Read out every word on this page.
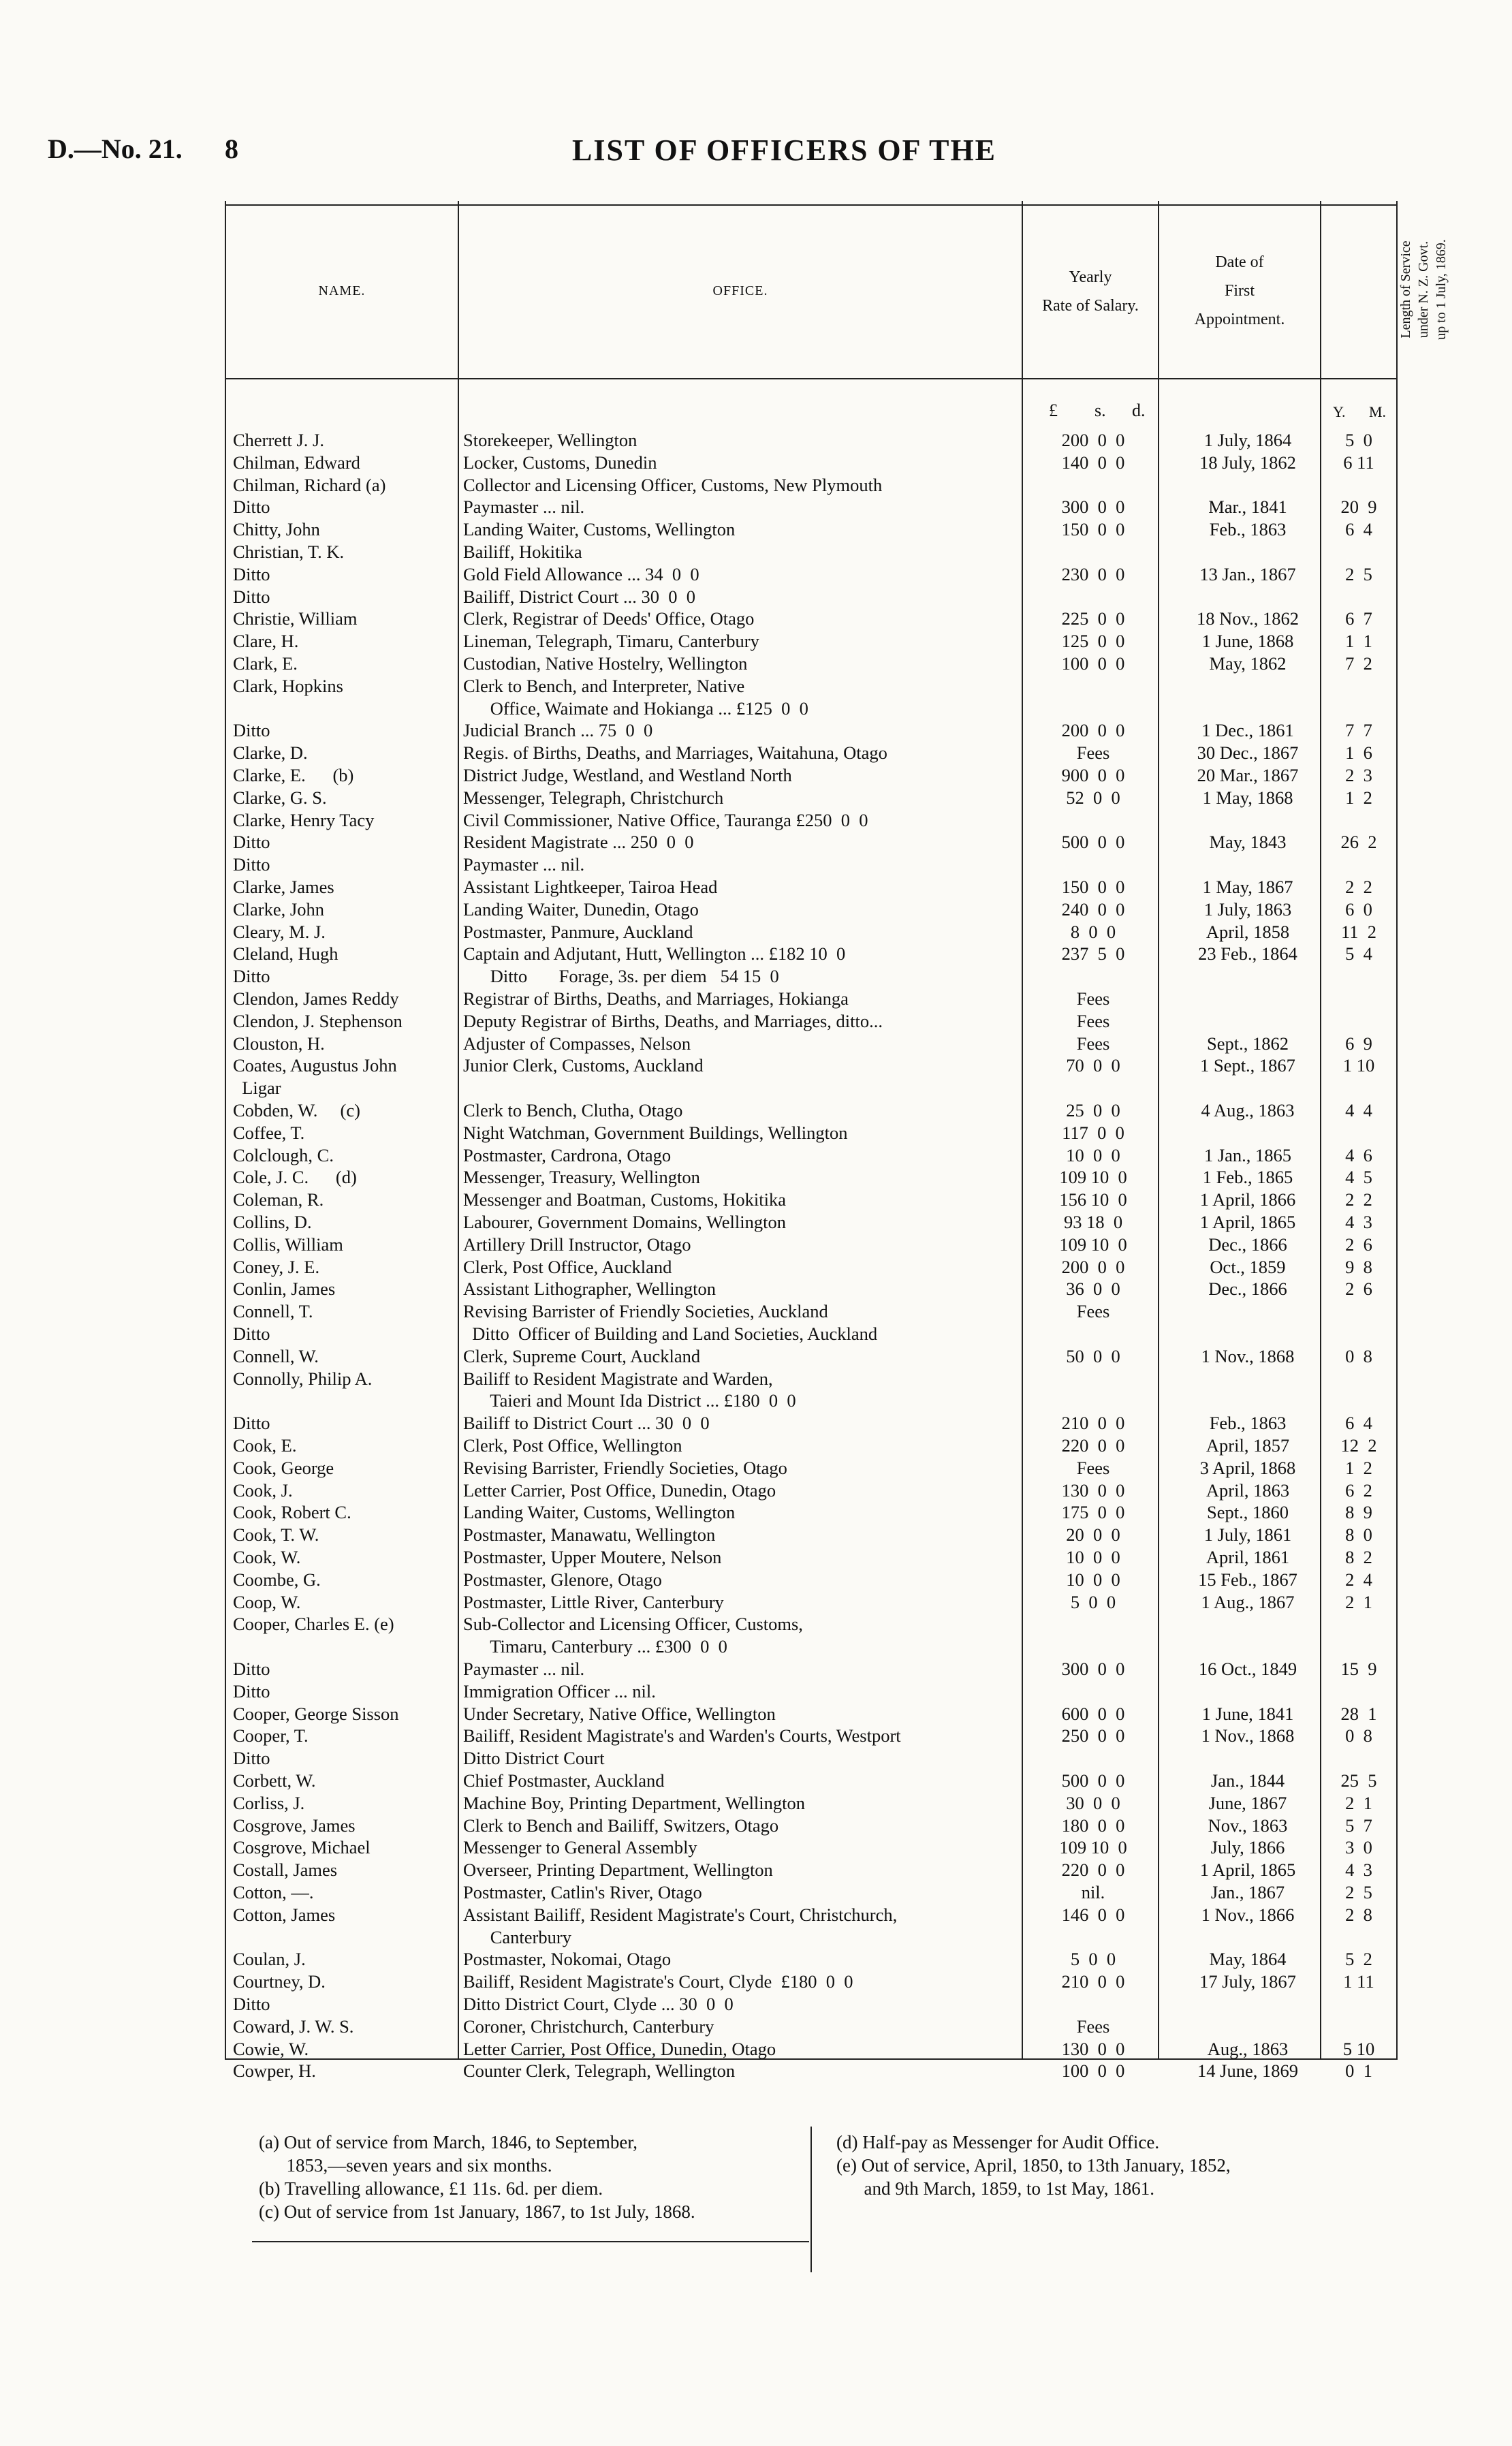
D.—No. 21. 8	LIST OF OFFICERS OF THE
NAME.	OFFICE.
Yearly
Rate of Salary.
Date of
First
Appointment.	Length of Service under N. Z. Govt. up to 1 July, 1869.
£ s. d.	Y. M.
Cherrett J. J.	Storekeeper, Wellington	200  0  0	1 July, 1864	5  0
Chilman, Edward	Locker, Customs, Dunedin	140  0  0	18 July, 1862	6 11
Chilman, Richard (a)	Collector and Licensing Officer, Customs, New Plymouth
Ditto	Paymaster ... nil.	300  0  0	Mar., 1841	20  9
Chitty, John	Landing Waiter, Customs, Wellington	150  0  0	Feb., 1863	6  4
Christian, T. K.	Bailiff, Hokitika
Ditto	Gold Field Allowance ... 34  0  0	230  0  0	13 Jan., 1867	2  5
Ditto	Bailiff, District Court ... 30  0  0
Christie, William	Clerk, Registrar of Deeds' Office, Otago	225  0  0	18 Nov., 1862	6  7
Clare, H.	Lineman, Telegraph, Timaru, Canterbury	125  0  0	1 June, 1868	1  1
Clark, E.	Custodian, Native Hostelry, Wellington	100  0  0	May, 1862	7  2
Clark, Hopkins	Clerk to Bench, and Interpreter, Native
Office, Waimate and Hokianga ... £125  0  0
Ditto	Judicial Branch ... 75  0  0	200  0  0	1 Dec., 1861	7  7
Clarke, D.	Regis. of Births, Deaths, and Marriages, Waitahuna, Otago	Fees	30 Dec., 1867	1  6
Clarke, E.      (b)	District Judge, Westland, and Westland North	900  0  0	20 Mar., 1867	2  3
Clarke, G. S.	Messenger, Telegraph, Christchurch	52  0  0	1 May, 1868	1  2
Clarke, Henry Tacy	Civil Commissioner, Native Office, Tauranga £250  0  0
Ditto	Resident Magistrate ... 250  0  0	500  0  0	May, 1843	26  2
Ditto	Paymaster ... nil.
Clarke, James	Assistant Lightkeeper, Tairoa Head	150  0  0	1 May, 1867	2  2
Clarke, John	Landing Waiter, Dunedin, Otago	240  0  0	1 July, 1863	6  0
Cleary, M. J.	Postmaster, Panmure, Auckland	8  0  0	April, 1858	11  2
Cleland, Hugh	Captain and Adjutant, Hutt, Wellington ... £182 10  0	237  5  0	23 Feb., 1864	5  4
Ditto	Ditto       Forage, 3s. per diem   54 15  0
Clendon, James Reddy	Registrar of Births, Deaths, and Marriages, Hokianga	Fees
Clendon, J. Stephenson	Deputy Registrar of Births, Deaths, and Marriages, ditto...	Fees
Clouston, H.	Adjuster of Compasses, Nelson	Fees	Sept., 1862	6  9
Coates, Augustus John	Junior Clerk, Customs, Auckland	70  0  0	1 Sept., 1867	1 10
Ligar
Cobden, W.     (c)	Clerk to Bench, Clutha, Otago	25  0  0	4 Aug., 1863	4  4
Coffee, T.	Night Watchman, Government Buildings, Wellington	117  0  0
Colclough, C.	Postmaster, Cardrona, Otago	10  0  0	1 Jan., 1865	4  6
Cole, J. C.      (d)	Messenger, Treasury, Wellington	109 10  0	1 Feb., 1865	4  5
Coleman, R.	Messenger and Boatman, Customs, Hokitika	156 10  0	1 April, 1866	2  2
Collins, D.	Labourer, Government Domains, Wellington	93 18  0	1 April, 1865	4  3
Collis, William	Artillery Drill Instructor, Otago	109 10  0	Dec., 1866	2  6
Coney, J. E.	Clerk, Post Office, Auckland	200  0  0	Oct., 1859	9  8
Conlin, James	Assistant Lithographer, Wellington	36  0  0	Dec., 1866	2  6
Connell, T.	Revising Barrister of Friendly Societies, Auckland	Fees
Ditto	Ditto  Officer of Building and Land Societies, Auckland
Connell, W.	Clerk, Supreme Court, Auckland	50  0  0	1 Nov., 1868	0  8
Connolly, Philip A.	Bailiff to Resident Magistrate and Warden,
Taieri and Mount Ida District ... £180  0  0
Ditto	Bailiff to District Court ... 30  0  0	210  0  0	Feb., 1863	6  4
Cook, E.	Clerk, Post Office, Wellington	220  0  0	April, 1857	12  2
Cook, George	Revising Barrister, Friendly Societies, Otago	Fees	3 April, 1868	1  2
Cook, J.	Letter Carrier, Post Office, Dunedin, Otago	130  0  0	April, 1863	6  2
Cook, Robert C.	Landing Waiter, Customs, Wellington	175  0  0	Sept., 1860	8  9
Cook, T. W.	Postmaster, Manawatu, Wellington	20  0  0	1 July, 1861	8  0
Cook, W.	Postmaster, Upper Moutere, Nelson	10  0  0	April, 1861	8  2
Coombe, G.	Postmaster, Glenore, Otago	10  0  0	15 Feb., 1867	2  4
Coop, W.	Postmaster, Little River, Canterbury	5  0  0	1 Aug., 1867	2  1
Cooper, Charles E. (e)	Sub-Collector and Licensing Officer, Customs,
Timaru, Canterbury ... £300  0  0
Ditto	Paymaster ... nil.	300  0  0	16 Oct., 1849	15  9
Ditto	Immigration Officer ... nil.
Cooper, George Sisson	Under Secretary, Native Office, Wellington	600  0  0	1 June, 1841	28  1
Cooper, T.	Bailiff, Resident Magistrate's and Warden's Courts, Westport	250  0  0	1 Nov., 1868	0  8
Ditto	Ditto District Court
Corbett, W.	Chief Postmaster, Auckland	500  0  0	Jan., 1844	25  5
Corliss, J.	Machine Boy, Printing Department, Wellington	30  0  0	June, 1867	2  1
Cosgrove, James	Clerk to Bench and Bailiff, Switzers, Otago	180  0  0	Nov., 1863	5  7
Cosgrove, Michael	Messenger to General Assembly	109 10  0	July, 1866	3  0
Costall, James	Overseer, Printing Department, Wellington	220  0  0	1 April, 1865	4  3
Cotton, —.	Postmaster, Catlin's River, Otago	nil.	Jan., 1867	2  5
Cotton, James	Assistant Bailiff, Resident Magistrate's Court, Christchurch,	146  0  0	1 Nov., 1866	2  8
Canterbury
Coulan, J.	Postmaster, Nokomai, Otago	5  0  0	May, 1864	5  2
Courtney, D.	Bailiff, Resident Magistrate's Court, Clyde  £180  0  0	210  0  0	17 July, 1867	1 11
Ditto	Ditto District Court, Clyde ... 30  0  0
Coward, J. W. S.	Coroner, Christchurch, Canterbury	Fees
Cowie, W.	Letter Carrier, Post Office, Dunedin, Otago	130  0  0	Aug., 1863	5 10
Cowper, H.	Counter Clerk, Telegraph, Wellington	100  0  0	14 June, 1869	0  1
(a) Out of service from March, 1846, to September,
1853,—seven years and six months.
(b) Travelling allowance, £1 11s. 6d. per diem.
(c) Out of service from 1st January, 1867, to 1st July, 1868.
(d) Half-pay as Messenger for Audit Office.
(e) Out of service, April, 1850, to 13th January, 1852,
and 9th March, 1859, to 1st May, 1861.
